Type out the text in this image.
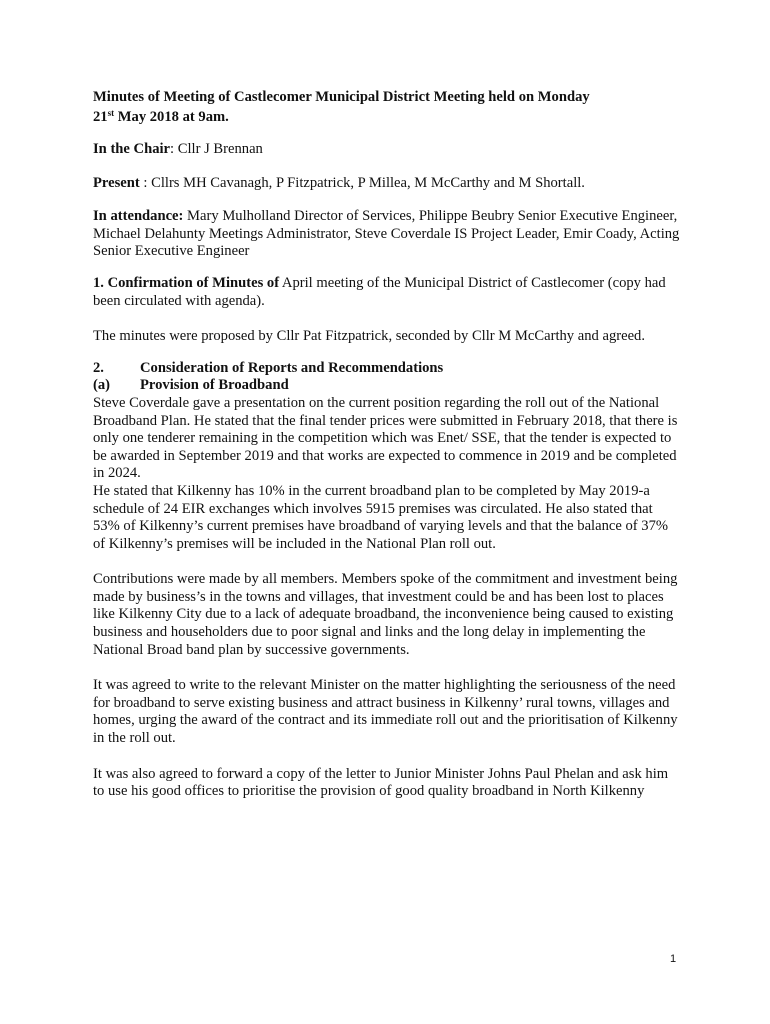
Minutes of Meeting of Castlecomer Municipal District Meeting held on Monday
21st May 2018 at 9am.

In the Chair: Cllr J Brennan

Present : Cllrs MH Cavanagh, P Fitzpatrick, P Millea, M McCarthy and M Shortall.

In attendance: Mary Mulholland Director of Services, Philippe Beubry Senior Executive Engineer, Michael Delahunty Meetings Administrator, Steve Coverdale IS Project Leader, Emir Coady, Acting Senior Executive Engineer

1. Confirmation of Minutes of April meeting of the Municipal District of Castlecomer (copy had been circulated with agenda).

The minutes were proposed by Cllr Pat Fitzpatrick, seconded by Cllr M McCarthy and agreed.

2.	Consideration of Reports and Recommendations
(a)	Provision of Broadband

Steve Coverdale gave a presentation on the current position regarding the roll out of the National Broadband Plan. He stated that the final tender prices were submitted in February 2018, that there is only one tenderer remaining in the competition which was Enet/ SSE, that the tender is expected to be awarded in September 2019 and that works are expected to commence in 2019 and be completed in 2024.

He stated that Kilkenny has 10% in the current broadband plan to be completed by May 2019-a schedule of 24 EIR exchanges which involves 5915 premises was circulated. He also stated that 53% of Kilkenny’s current premises have broadband of varying levels and that the balance of 37% of Kilkenny’s premises will be included in the National Plan roll out.

Contributions were made by all members. Members spoke of the commitment and investment being made by business’s in the towns and villages, that investment could be and has been lost to places like Kilkenny City due to a lack of adequate broadband, the inconvenience being caused to existing business and householders due to poor signal and links and the long delay in implementing the National Broad band plan by successive governments.

It was agreed to write to the relevant Minister on the matter highlighting the seriousness of the need for broadband to serve existing business and attract business in Kilkenny’ rural towns, villages and homes, urging the award of the contract and its immediate roll out and the prioritisation of Kilkenny in the roll out.

It was also agreed to forward a copy of the letter to Junior Minister Johns Paul Phelan and ask him to use his good offices to prioritise the provision of good quality broadband in North Kilkenny

1
